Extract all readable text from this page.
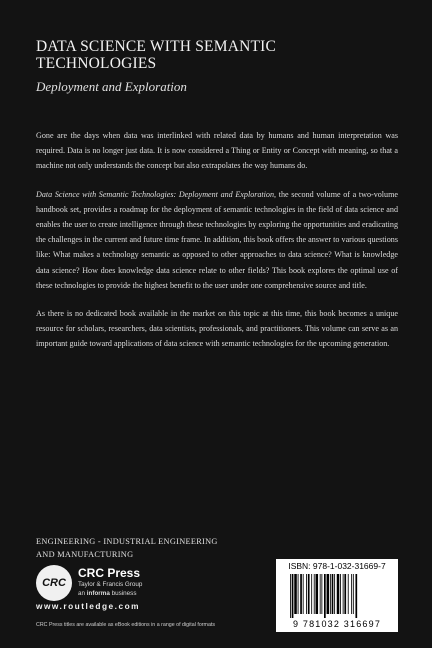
DATA SCIENCE WITH SEMANTIC TECHNOLOGIES
Deployment and Exploration

Gone are the days when data was interlinked with related data by humans and human interpretation was required. Data is no longer just data. It is now considered a Thing or Entity or Concept with meaning, so that a machine not only understands the concept but also extrapolates the way humans do.

Data Science with Semantic Technologies: Deployment and Exploration, the second volume of a two-volume handbook set, provides a roadmap for the deployment of semantic technologies in the field of data science and enables the user to create intelligence through these technologies by exploring the opportunities and eradicating the challenges in the current and future time frame. In addition, this book offers the answer to various questions like: What makes a technology semantic as opposed to other approaches to data science? What is knowledge data science? How does knowledge data science relate to other fields? This book explores the optimal use of these technologies to provide the highest benefit to the user under one comprehensive source and title.

As there is no dedicated book available in the market on this topic at this time, this book becomes a unique resource for scholars, researchers, data scientists, professionals, and practitioners. This volume can serve as an important guide toward applications of data science with semantic technologies for the upcoming generation.

ENGINEERING - INDUSTRIAL ENGINEERING
AND MANUFACTURING
CRC
CRC Press
Taylor & Francis Group
an informa business
www.routledge.com
CRC Press titles are available as eBook editions in a range of digital formats
ISBN: 978-1-032-31669-7
9 781032 316697
